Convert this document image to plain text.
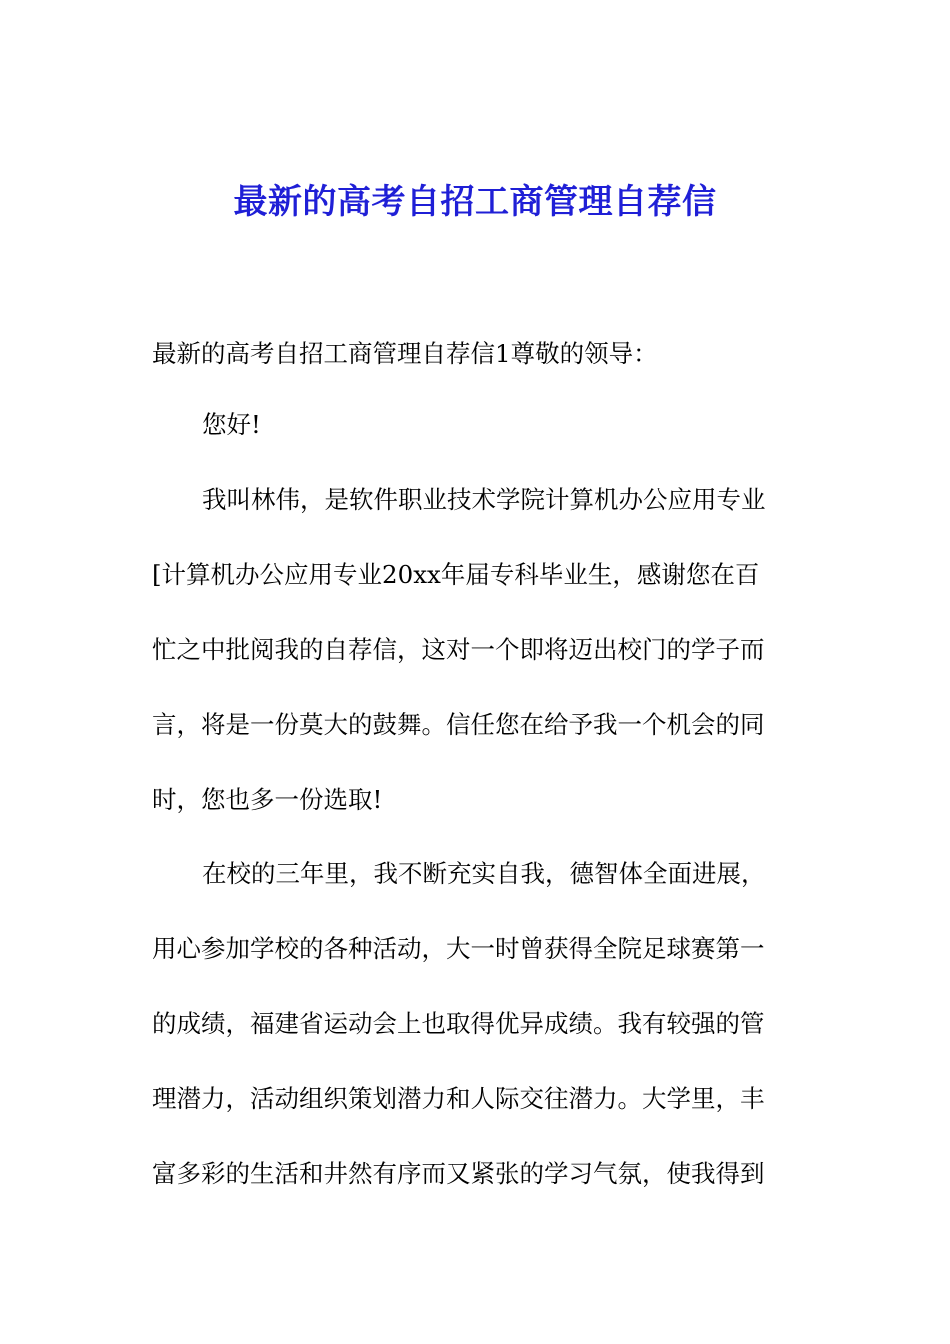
最新的高考自招工商管理自荐信
最新的高考自招工商管理自荐信1尊敬的领导：
您好!
我叫林伟，是软件职业技术学院计算机办公应用专业
[计算机办公应用专业20xx年届专科毕业生，感谢您在百
忙之中批阅我的自荐信，这对一个即将迈出校门的学子而
言，将是一份莫大的鼓舞。信任您在给予我一个机会的同
时，您也多一份选取!
在校的三年里，我不断充实自我，德智体全面进展，
用心参加学校的各种活动，大一时曾获得全院足球赛第一
的成绩，福建省运动会上也取得优异成绩。我有较强的管
理潜力，活动组织策划潜力和人际交往潜力。大学里，丰
富多彩的生活和井然有序而又紧张的学习气氛，使我得到
